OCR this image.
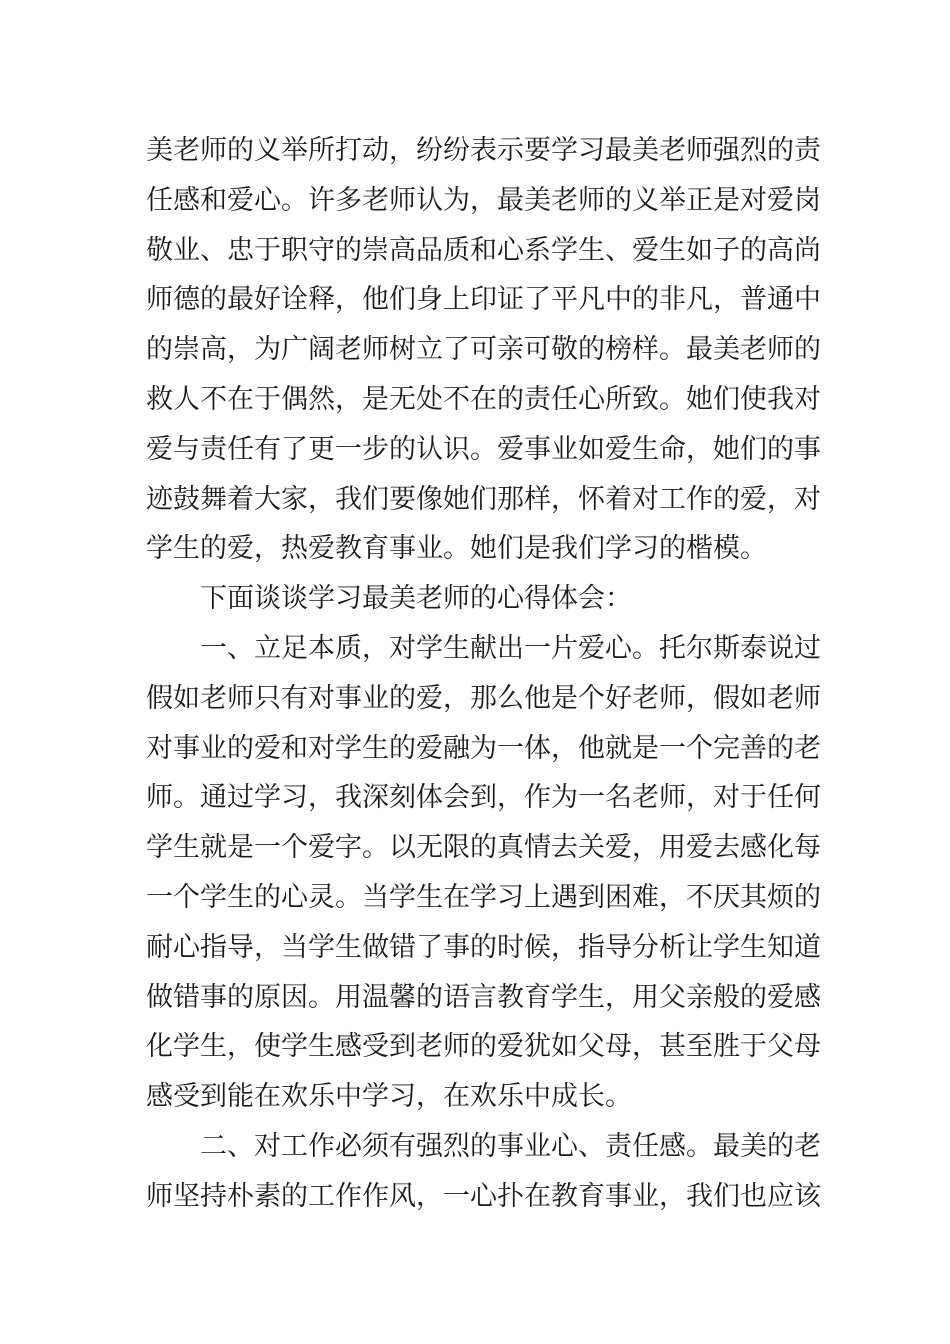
美老师的义举所打动，纷纷表示要学习最美老师强烈的责
任感和爱心。许多老师认为，最美老师的义举正是对爱岗
敬业、忠于职守的崇高品质和心系学生、爱生如子的高尚
师德的最好诠释，他们身上印证了平凡中的非凡，普通中
的崇高，为广阔老师树立了可亲可敬的榜样。最美老师的
救人不在于偶然，是无处不在的责任心所致。她们使我对
爱与责任有了更一步的认识。爱事业如爱生命，她们的事
迹鼓舞着大家，我们要像她们那样，怀着对工作的爱，对
学生的爱，热爱教育事业。她们是我们学习的楷模。
下面谈谈学习最美老师的心得体会：
一、立足本质，对学生献出一片爱心。托尔斯泰说过
假如老师只有对事业的爱，那么他是个好老师，假如老师
对事业的爱和对学生的爱融为一体，他就是一个完善的老
师。通过学习，我深刻体会到，作为一名老师，对于任何
学生就是一个爱字。以无限的真情去关爱，用爱去感化每
一个学生的心灵。当学生在学习上遇到困难，不厌其烦的
耐心指导，当学生做错了事的时候，指导分析让学生知道
做错事的原因。用温馨的语言教育学生，用父亲般的爱感
化学生，使学生感受到老师的爱犹如父母，甚至胜于父母
感受到能在欢乐中学习，在欢乐中成长。
二、对工作必须有强烈的事业心、责任感。最美的老
师坚持朴素的工作作风，一心扑在教育事业，我们也应该
